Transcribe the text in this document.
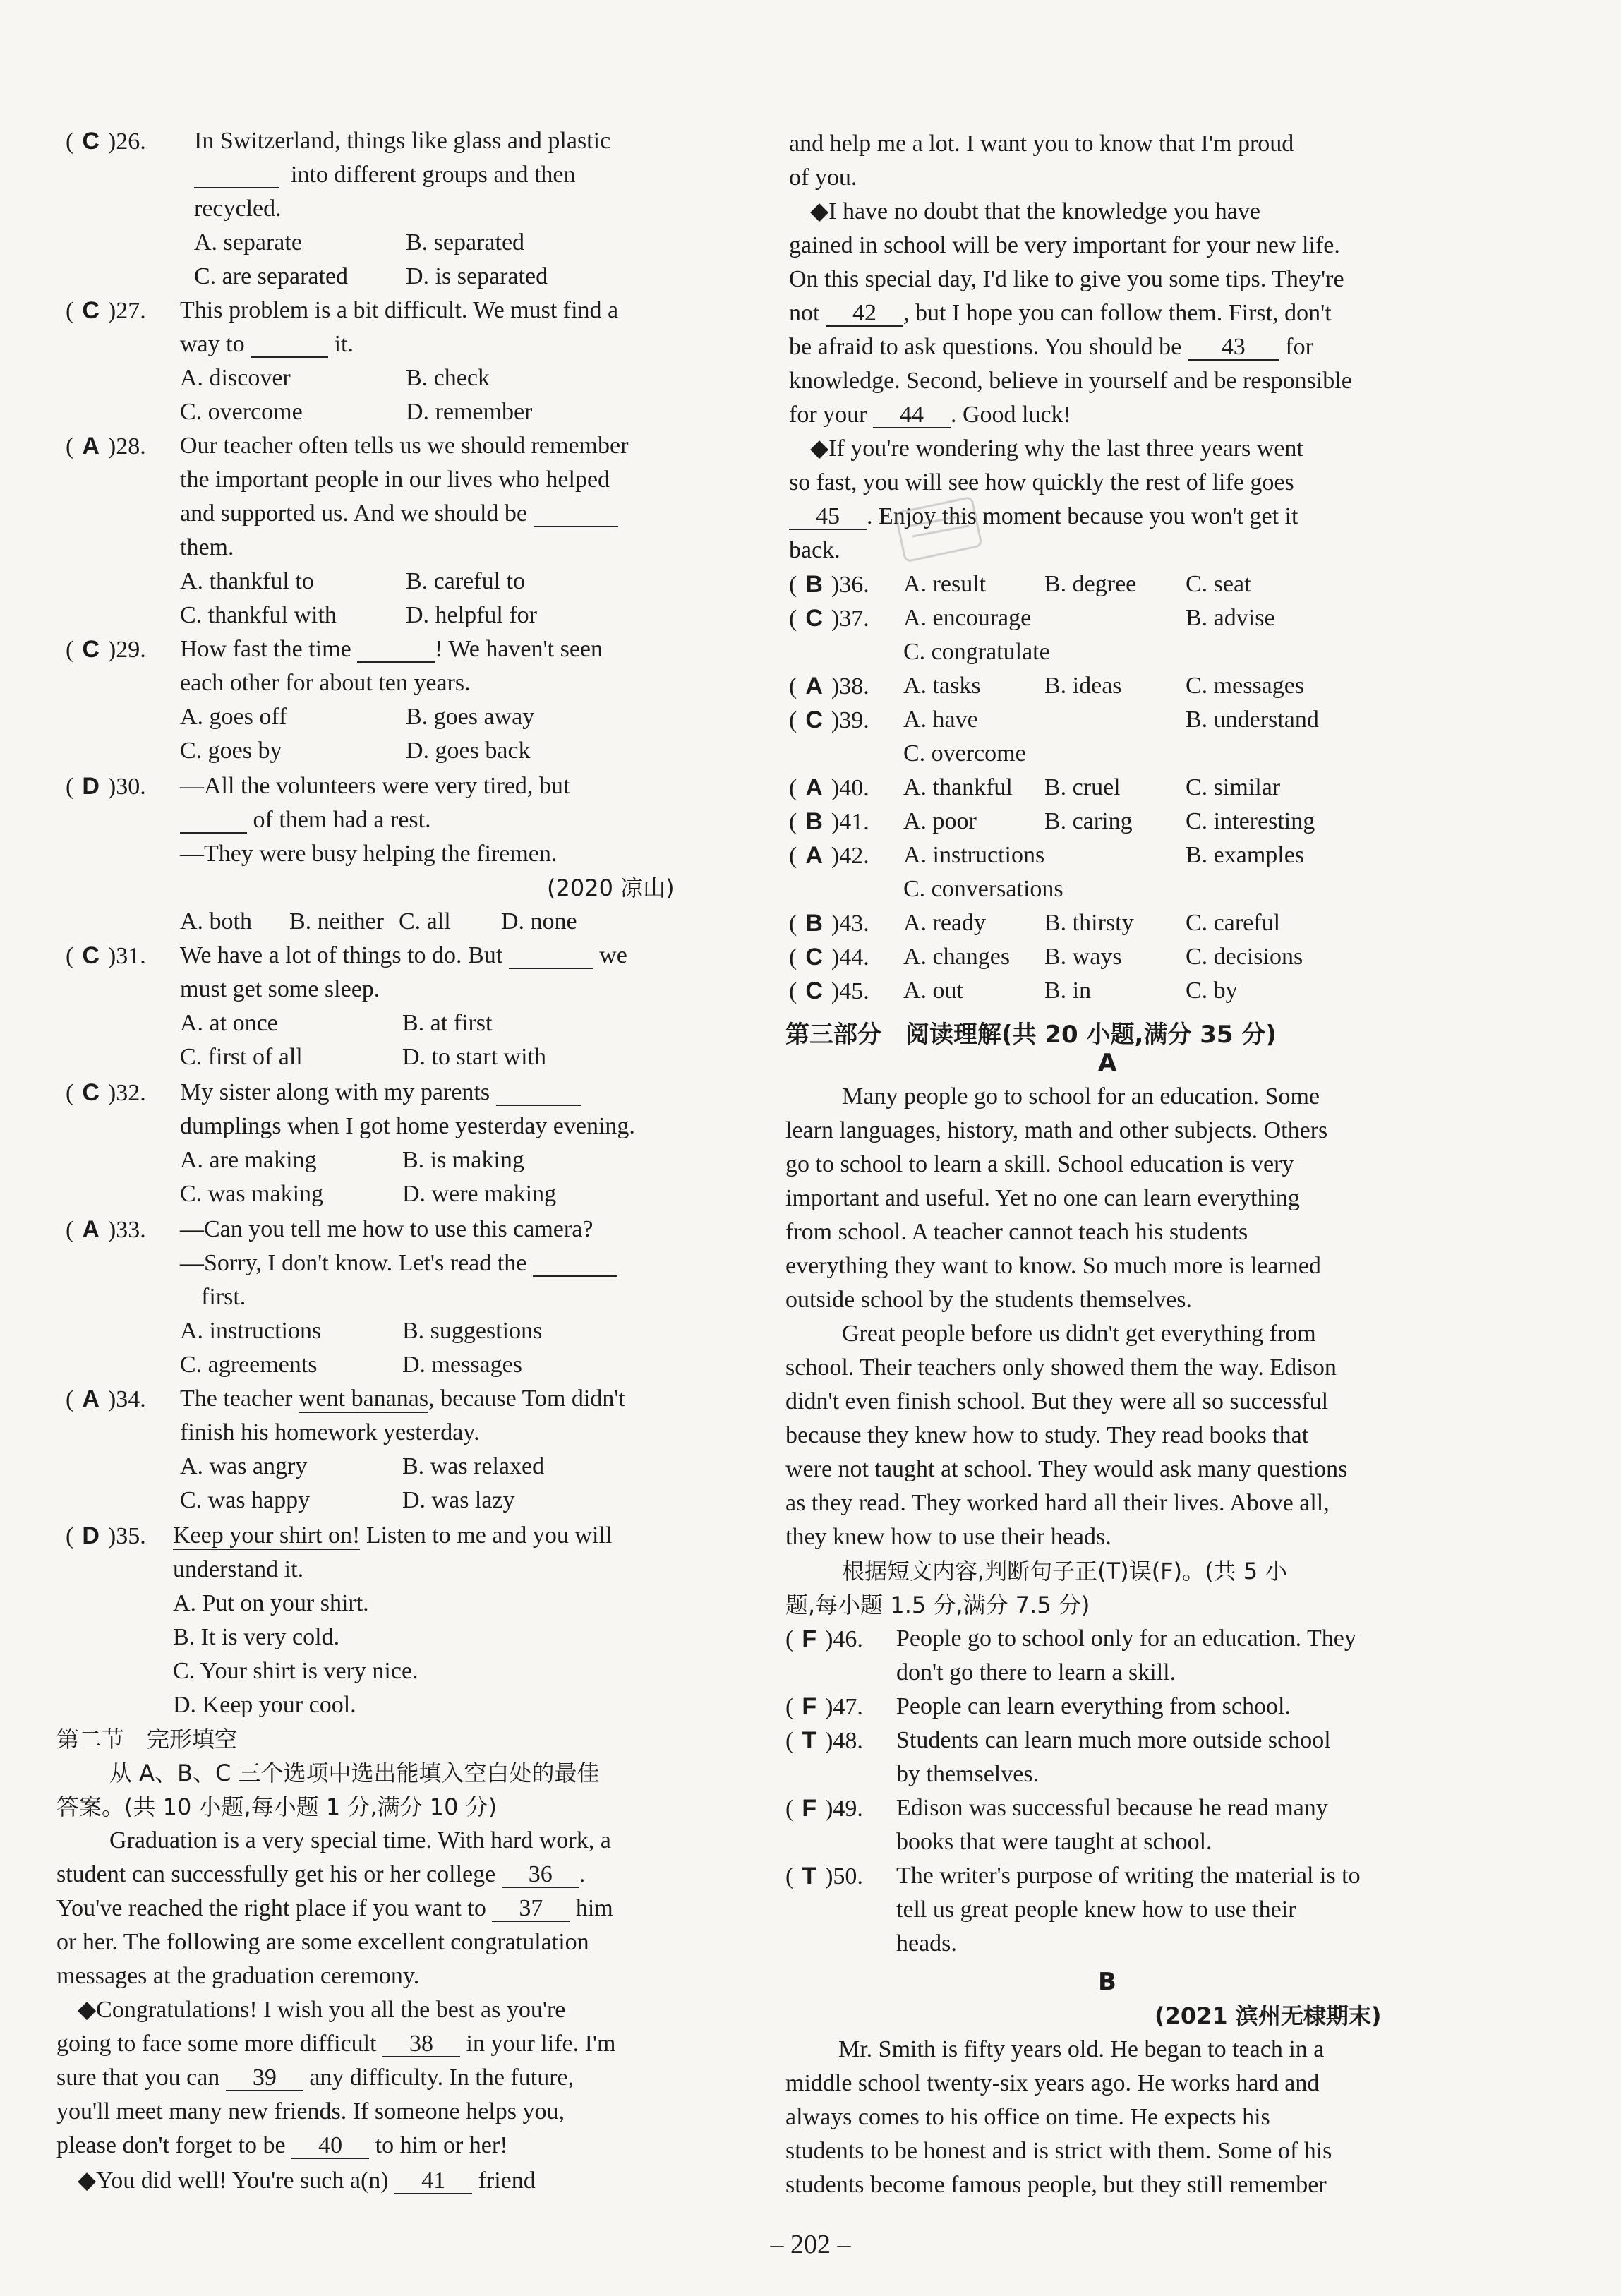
( C )26. In Switzerland, things like glass and plastic
into different groups and then
recycled.
A. separate	B. separated
C. are separated D. is separated
( C )27. This problem is a bit difficult. We must find a
way to	it.
A. discover	B. check
C. overcome	D. remember
( A )28. Our teacher often tells us we should remember
the important people in our lives who helped
and supported us. And we should be
them.
A. thankful to	B. careful to
C. thankful with	D. helpful for
( C )29. How fast the time	! We haven't seen
each other for about ten years.
A. goes off	B. goes away
C. goes by	D. goes back
( D )30. —All the volunteers were very tired, but
of them had a rest.
—They were busy helping the firemen.
(2020 凉山)
A. both B. neither C. all D. none
( C )31. We have a lot of things to do. But	we
must get some sleep.
A. at once	B. at first
C. first of all	D. to start with
( C )32. My sister along with my parents
dumplings when I got home yesterday evening.
A. are making	B. is making
C. was making	D. were making
( A )33. —Can you tell me how to use this camera?
—Sorry, I don't know. Let's read the
first.
A. instructions	B. suggestions
C. agreements	D. messages
( A )34. The teacher went bananas, because Tom didn't
finish his homework yesterday.
A. was angry	B. was relaxed
C. was happy	D. was lazy
( D )35. Keep your shirt on! Listen to me and you will
understand it.
A. Put on your shirt.
B. It is very cold.
C. Your shirt is very nice.
D. Keep your cool.
第二节　完形填空
从 A、B、C 三个选项中选出能填入空白处的最佳
答案。(共 10 小题,每小题 1 分,满分 10 分)
Graduation is a very special time. With hard work, a
student can successfully get his or her college 36 .
You've reached the right place if you want to 37 him
or her. The following are some excellent congratulation
messages at the graduation ceremony.
◆Congratulations! I wish you all the best as you're
going to face some more difficult 38 in your life. I'm
sure that you can 39 any difficulty. In the future,
you'll meet many new friends. If someone helps you,
please don't forget to be 40 to him or her!
◆You did well! You're such a(n) 41 friend
and help me a lot. I want you to know that I'm proud
of you.
◆I have no doubt that the knowledge you have
gained in school will be very important for your new life.
On this special day, I'd like to give you some tips. They're
not 42 , but I hope you can follow them. First, don't
be afraid to ask questions. You should be 43 for
knowledge. Second, believe in yourself and be responsible
for your 44 . Good luck!
◆If you're wondering why the last three years went
so fast, you will see how quickly the rest of life goes
45 . Enjoy this moment because you won't get it
back.
( B )36. A. result B. degree C. seat
( C )37. A. encourage	B. advise
C. congratulate
( A )38. A. tasks	B. ideas	C. messages
( C )39. A. have	B. understand
C. overcome
( A )40. A. thankful B. cruel	C. similar
( B )41. A. poor	B. caring C. interesting
( A )42. A. instructions	B. examples
C. conversations
( B )43. A. ready B. thirsty C. careful
( C )44. A. changes B. ways	C. decisions
( C )45. A. out	B. in	C. by
第三部分　阅读理解(共 20 小题,满分 35 分)
A
Many people go to school for an education. Some
learn languages, history, math and other subjects. Others
go to school to learn a skill. School education is very
important and useful. Yet no one can learn everything
from school. A teacher cannot teach his students
everything they want to know. So much more is learned
outside school by the students themselves.
Great people before us didn't get everything from
school. Their teachers only showed them the way. Edison
didn't even finish school. But they were all so successful
because they knew how to study. They read books that
were not taught at school. They would ask many questions
as they read. They worked hard all their lives. Above all,
they knew how to use their heads.
根据短文内容,判断句子正(T)误(F)。(共 5 小
题,每小题 1.5 分,满分 7.5 分)
( F )46. People go to school only for an education. They
don't go there to learn a skill.
( F )47. People can learn everything from school.
( T )48. Students can learn much more outside school
by themselves.
( F )49. Edison was successful because he read many
books that were taught at school.
( T )50. The writer's purpose of writing the material is to
tell us great people knew how to use their
heads.
B
(2021 滨州无棣期末)
Mr. Smith is fifty years old. He began to teach in a
middle school twenty-six years ago. He works hard and
always comes to his office on time. He expects his
students to be honest and is strict with them. Some of his
students become famous people, but they still remember
– 202 –
